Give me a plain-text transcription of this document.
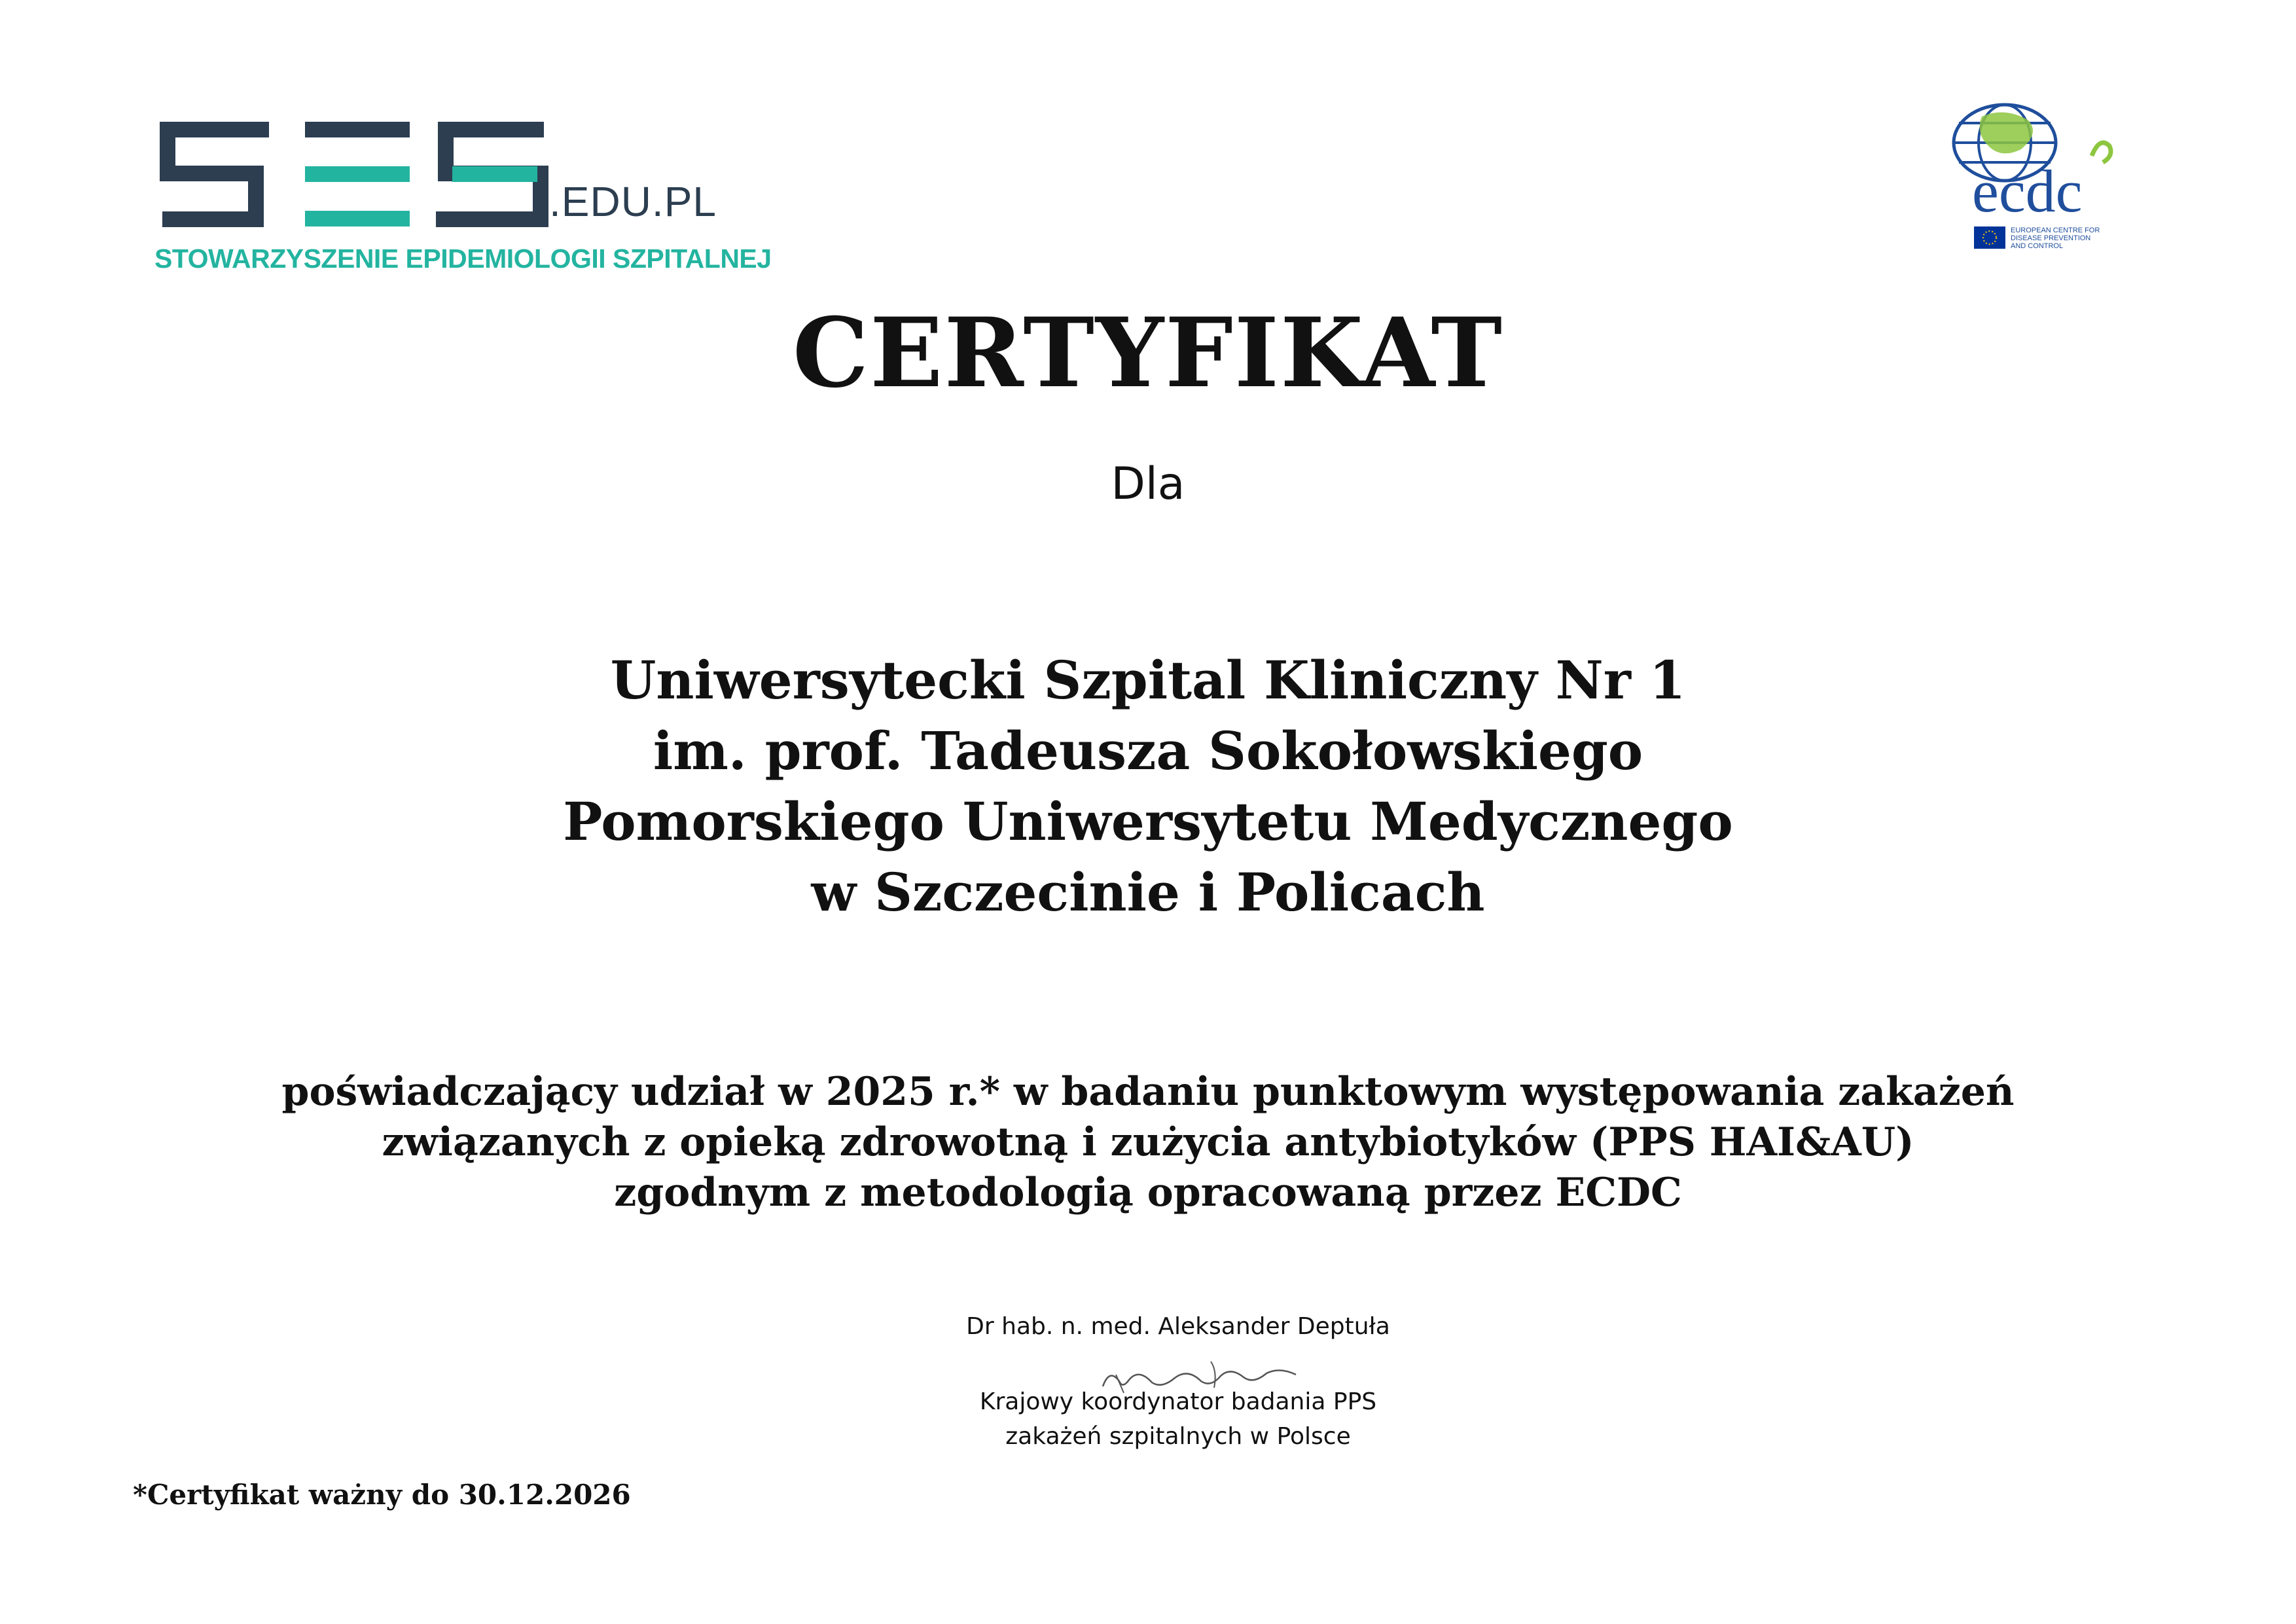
.EDU.PL
STOWARZYSZENIE EPIDEMIOLOGII SZPITALNEJ
ecdc
EUROPEAN CENTRE FOR
DISEASE PREVENTION
AND CONTROL
CERTYFIKAT
Dla
Uniwersytecki Szpital Kliniczny Nr 1
im. prof. Tadeusza Sokołowskiego
Pomorskiego Uniwersytetu Medycznego
w Szczecinie i Policach
poświadczający udział w 2025 r.* w badaniu punktowym występowania zakażeń
związanych z opieką zdrowotną i zużycia antybiotyków (PPS HAI&AU)
zgodnym z metodologią opracowaną przez ECDC
Dr hab. n. med. Aleksander Deptuła
Krajowy koordynator badania PPS
zakażeń szpitalnych w Polsce
*Certyfikat ważny do 30.12.2026
